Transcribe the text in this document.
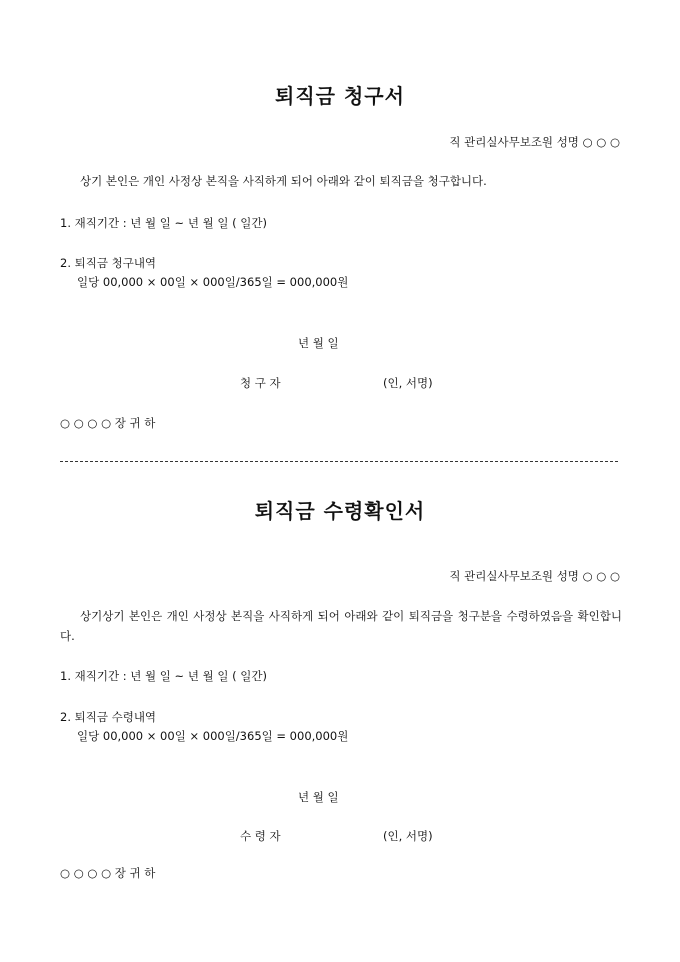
퇴직금 청구서
직 관리실사무보조원 성명 ○ ○ ○
상기 본인은 개인 사정상 본직을 사직하게 되어 아래와 같이 퇴직금을 청구합니다.
1. 재직기간 : 년 월 일 ~ 년 월 일 ( 일간)
2. 퇴직금 청구내역
일당 00,000 × 00일 × 000일/365일 = 000,000원
년 월 일
청 구 자	(인, 서명)
○ ○ ○ ○ 장 귀 하
퇴직금 수령확인서
직 관리실사무보조원 성명 ○ ○ ○
상기상기 본인은 개인 사정상 본직을 사직하게 되어 아래와 같이 퇴직금을 청구분을 수령하였음을 확인합니다.
1. 재직기간 : 년 월 일 ~ 년 월 일 ( 일간)
2. 퇴직금 수령내역
일당 00,000 × 00일 × 000일/365일 = 000,000원
년 월 일
수 령 자	(인, 서명)
○ ○ ○ ○ 장 귀 하
